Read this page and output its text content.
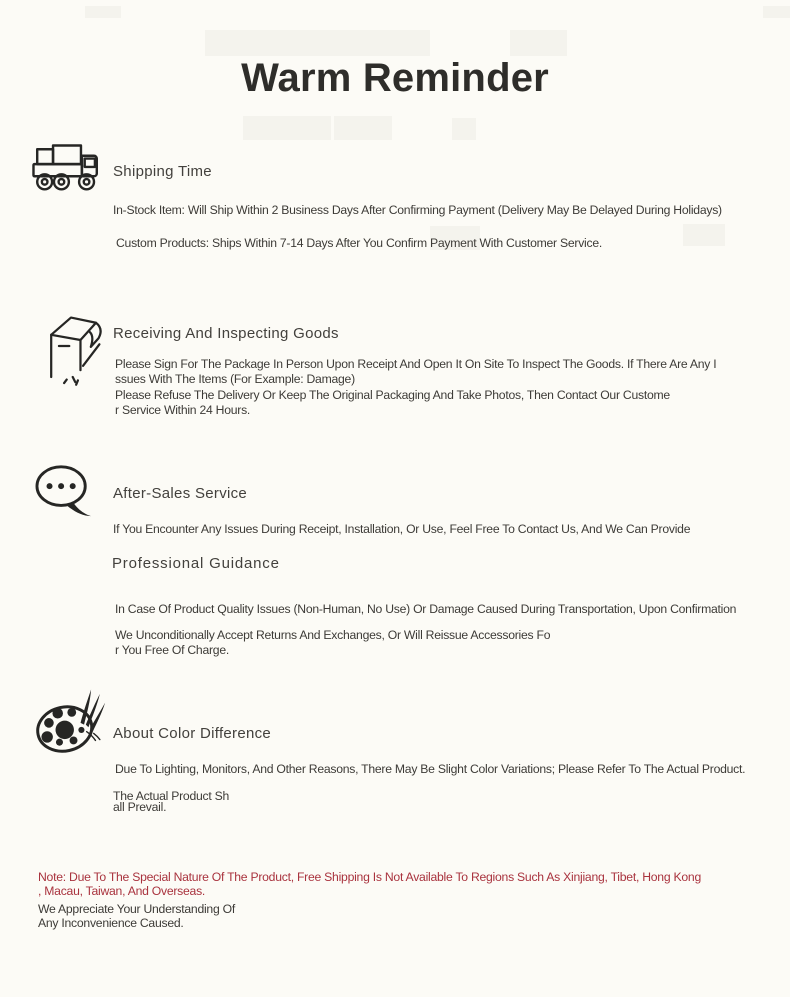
Warm Reminder
Shipping Time
In-Stock Item: Will Ship Within 2 Business Days After Confirming Payment (Delivery May Be Delayed During Holidays)
Custom Products: Ships Within 7-14 Days After You Confirm Payment With Customer Service.
Receiving And Inspecting Goods
Please Sign For The Package In Person Upon Receipt And Open It On Site To Inspect The Goods. If There Are Any I
ssues With The Items (For Example: Damage)
Please Refuse The Delivery Or Keep The Original Packaging And Take Photos, Then Contact Our Custome
r Service Within 24 Hours.
After-Sales Service
If You Encounter Any Issues During Receipt, Installation, Or Use, Feel Free To Contact Us, And We Can Provide
Professional Guidance
In Case Of Product Quality Issues (Non-Human, No Use) Or Damage Caused During Transportation, Upon Confirmation
We Unconditionally Accept Returns And Exchanges, Or Will Reissue Accessories Fo
r You Free Of Charge.
About Color Difference
Due To Lighting, Monitors, And Other Reasons, There May Be Slight Color Variations; Please Refer To The Actual Product.
The Actual Product Sh
all Prevail.
Note: Due To The Special Nature Of The Product, Free Shipping Is Not Available To Regions Such As Xinjiang, Tibet, Hong Kong
, Macau, Taiwan, And Overseas.
We Appreciate Your Understanding Of
Any Inconvenience Caused.
